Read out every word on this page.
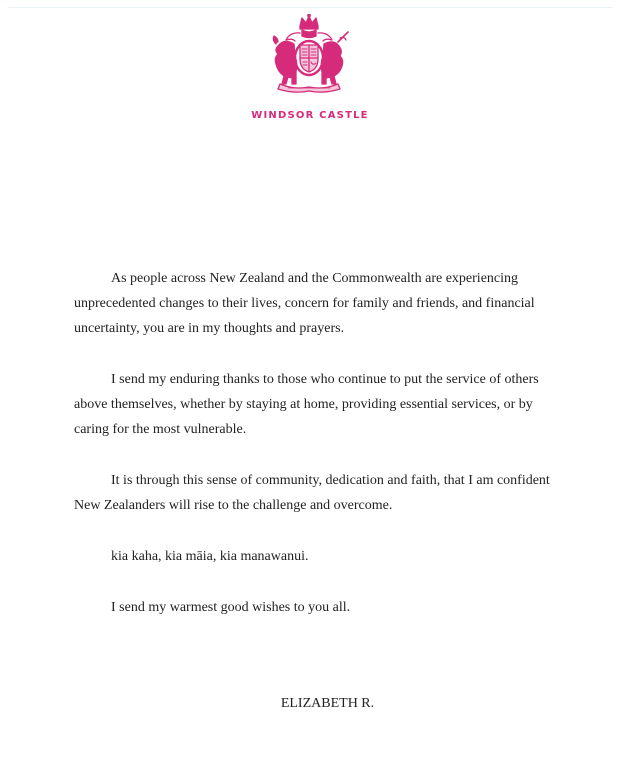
WINDSOR CASTLE

As people across New Zealand and the Commonwealth are experiencing unprecedented changes to their lives, concern for family and friends, and financial uncertainty, you are in my thoughts and prayers.

I send my enduring thanks to those who continue to put the service of others above themselves, whether by staying at home, providing essential services, or by caring for the most vulnerable.

It is through this sense of community, dedication and faith, that I am confident New Zealanders will rise to the challenge and overcome.

kia kaha, kia māia, kia manawanui.

I send my warmest good wishes to you all.

ELIZABETH R.
